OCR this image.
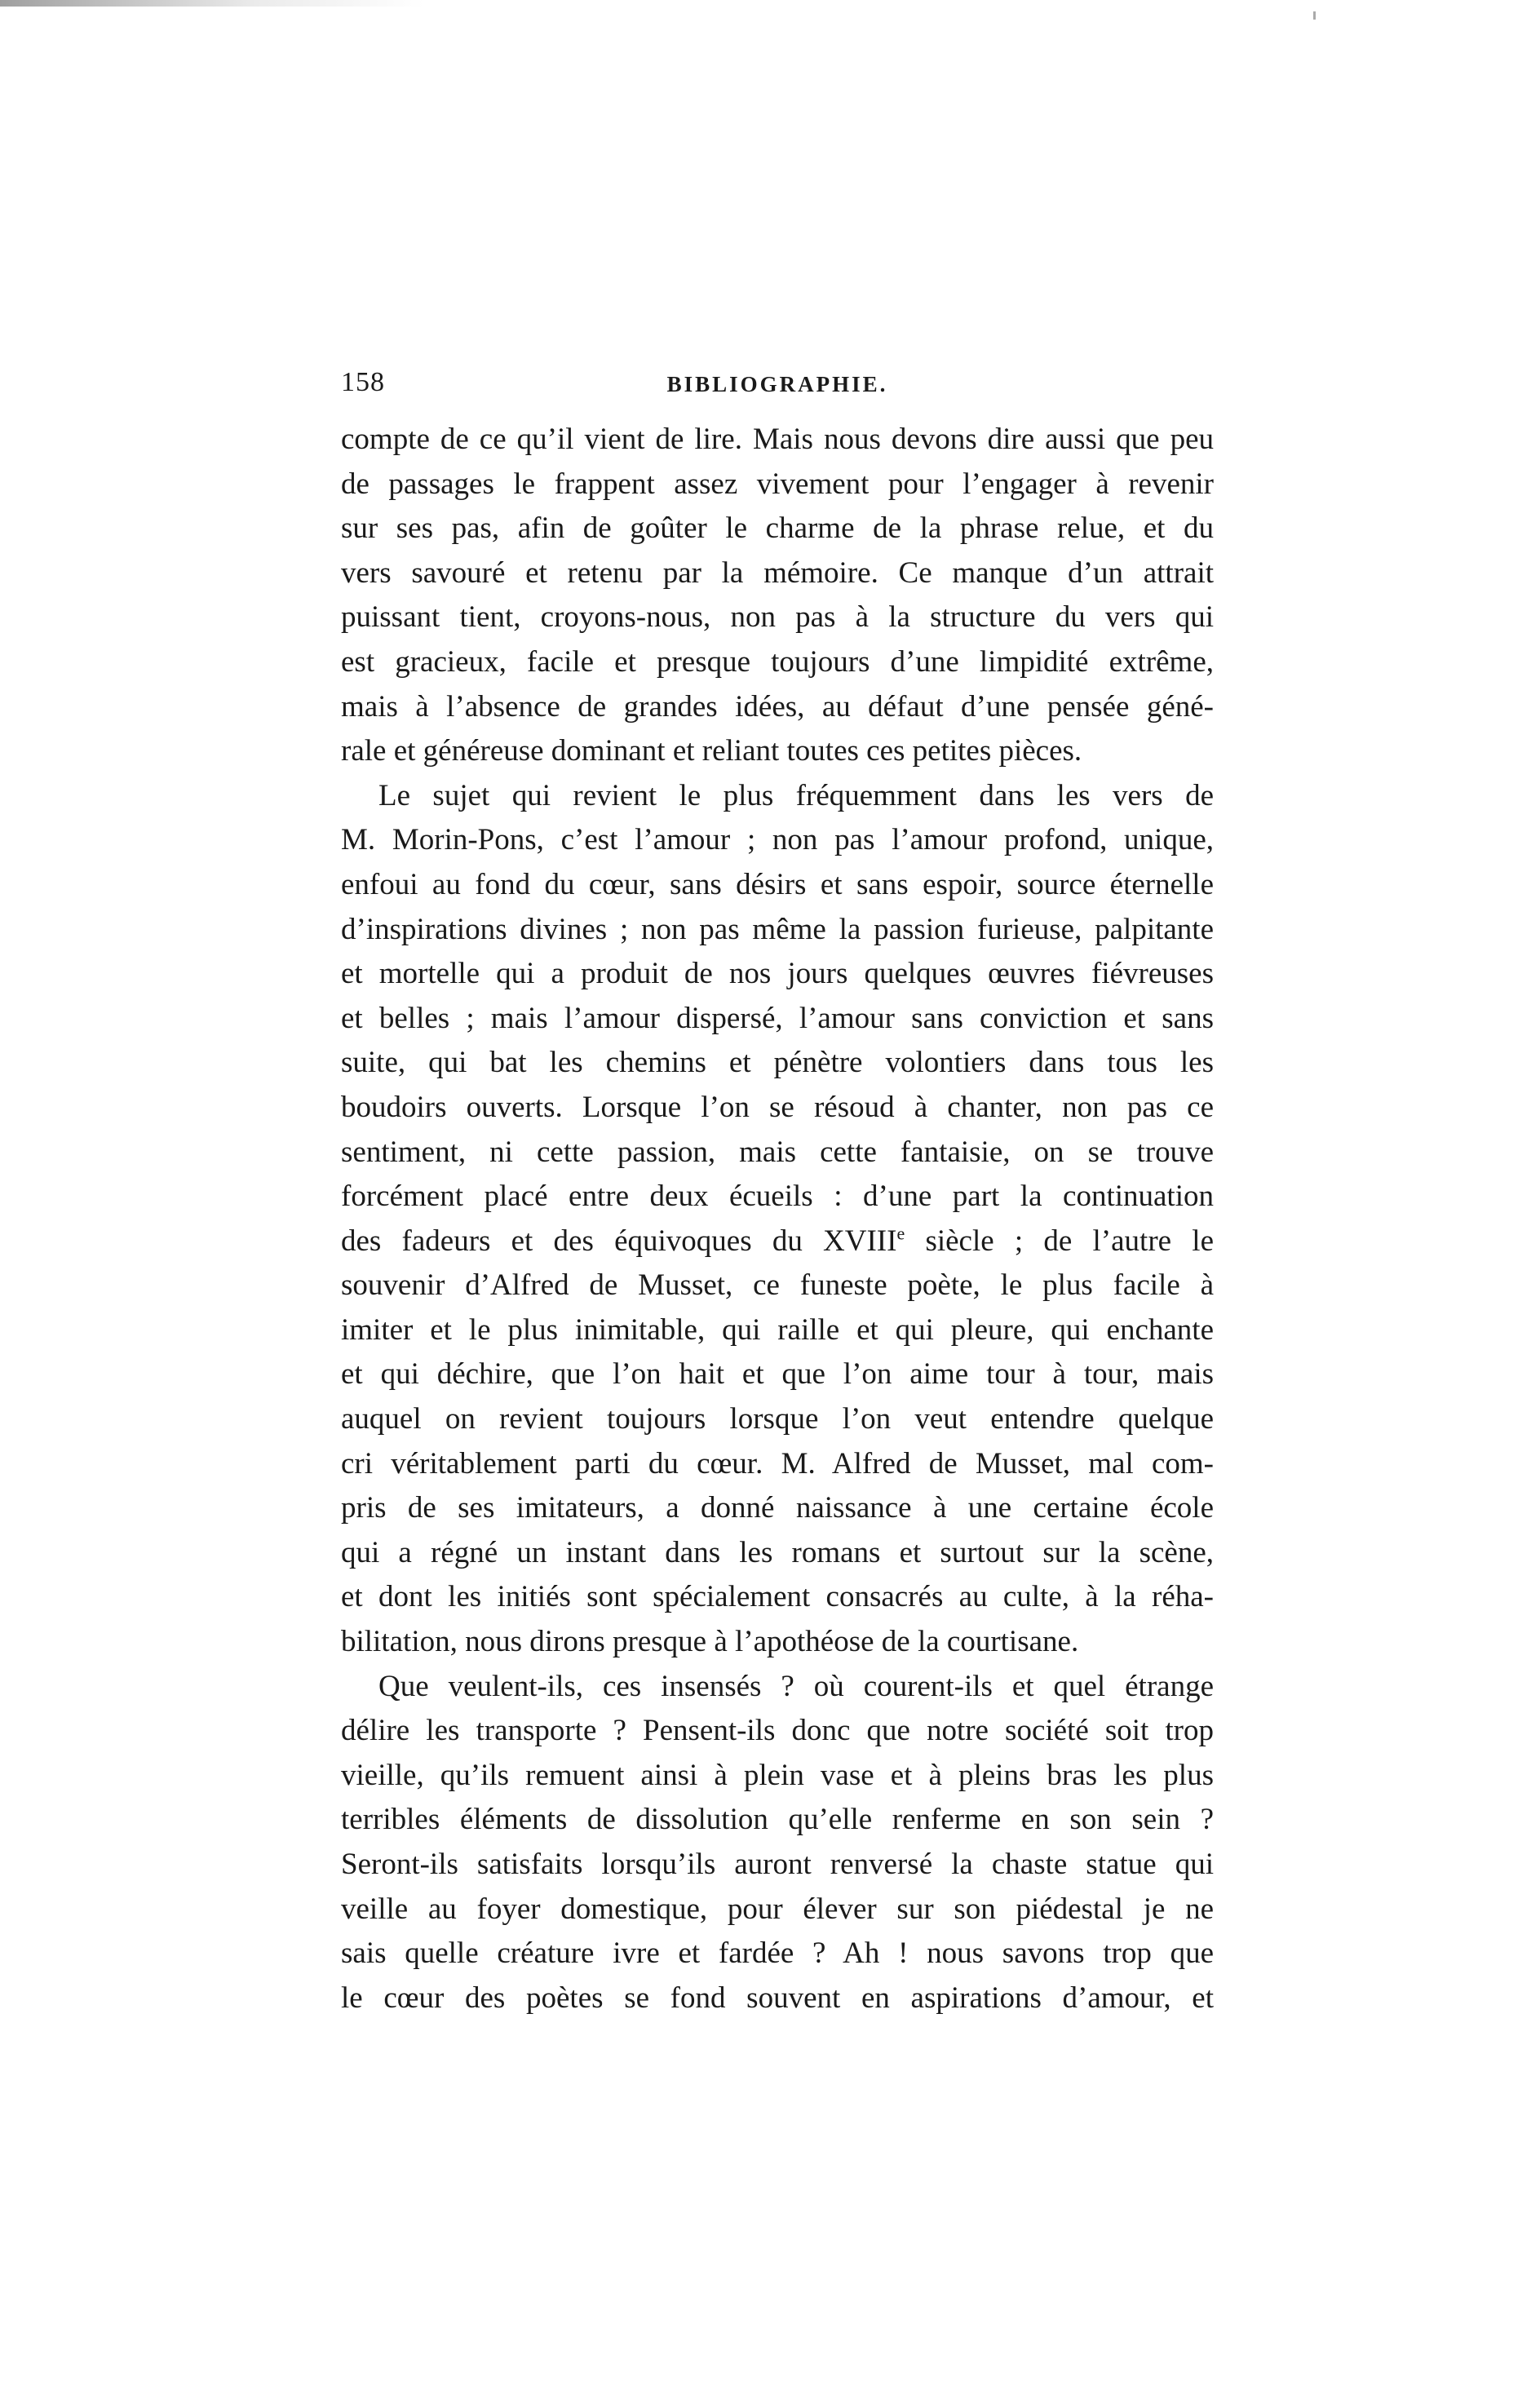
158	BIBLIOGRAPHIE.
compte de ce qu’il vient de lire. Mais nous devons dire aussi que peu
de passages le frappent assez vivement pour l’engager à revenir
sur ses pas, afin de goûter le charme de la phrase relue, et du
vers savouré et retenu par la mémoire. Ce manque d’un attrait
puissant tient, croyons-nous, non pas à la structure du vers qui
est gracieux, facile et presque toujours d’une limpidité extrême,
mais à l’absence de grandes idées, au défaut d’une pensée géné-
rale et généreuse dominant et reliant toutes ces petites pièces.
Le sujet qui revient le plus fréquemment dans les vers de
M. Morin-Pons, c’est l’amour ; non pas l’amour profond, unique,
enfoui au fond du cœur, sans désirs et sans espoir, source éternelle
d’inspirations divines ; non pas même la passion furieuse, palpitante
et mortelle qui a produit de nos jours quelques œuvres fiévreuses
et belles ; mais l’amour dispersé, l’amour sans conviction et sans
suite, qui bat les chemins et pénètre volontiers dans tous les
boudoirs ouverts. Lorsque l’on se résoud à chanter, non pas ce
sentiment, ni cette passion, mais cette fantaisie, on se trouve
forcément placé entre deux écueils : d’une part la continuation
des fadeurs et des équivoques du XVIIIe siècle ; de l’autre le
souvenir d’Alfred de Musset, ce funeste poète, le plus facile à
imiter et le plus inimitable, qui raille et qui pleure, qui enchante
et qui déchire, que l’on hait et que l’on aime tour à tour, mais
auquel on revient toujours lorsque l’on veut entendre quelque
cri véritablement parti du cœur. M. Alfred de Musset, mal com-
pris de ses imitateurs, a donné naissance à une certaine école
qui a régné un instant dans les romans et surtout sur la scène,
et dont les initiés sont spécialement consacrés au culte, à la réha-
bilitation, nous dirons presque à l’apothéose de la courtisane.
Que veulent-ils, ces insensés ? où courent-ils et quel étrange
délire les transporte ? Pensent-ils donc que notre société soit trop
vieille, qu’ils remuent ainsi à plein vase et à pleins bras les plus
terribles éléments de dissolution qu’elle renferme en son sein ?
Seront-ils satisfaits lorsqu’ils auront renversé la chaste statue qui
veille au foyer domestique, pour élever sur son piédestal je ne
sais quelle créature ivre et fardée ? Ah ! nous savons trop que
le cœur des poètes se fond souvent en aspirations d’amour, et
